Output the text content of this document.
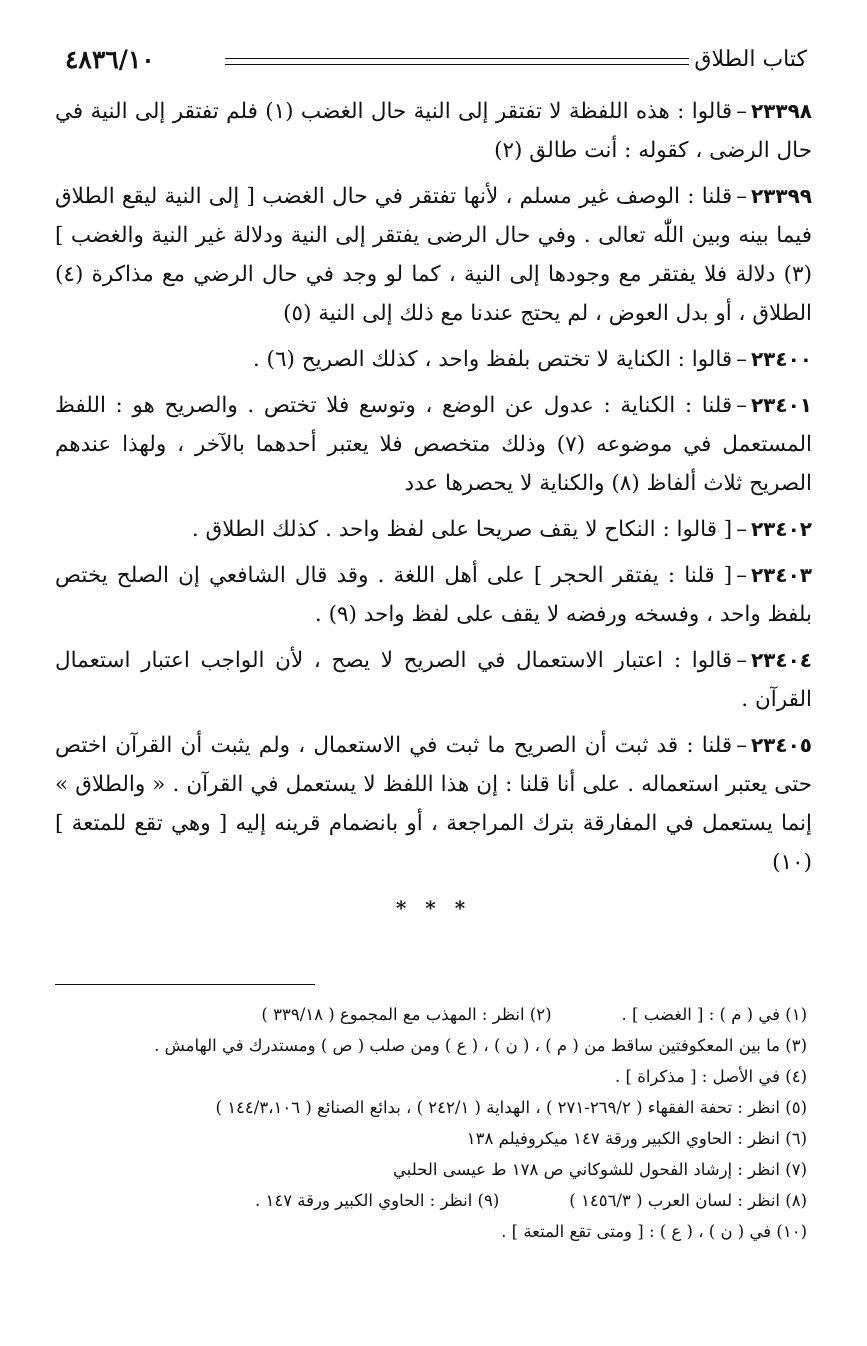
كتاب الطلاق
٤٨٣٦/١٠

٢٣٣٩٨–قالوا : هذه اللفظة لا تفتقر إلى النية حال الغضب (١) فلم تفتقر إلى النية في حال الرضى ، كقوله : أنت طالق (٢)

٢٣٣٩٩–قلنا : الوصف غير مسلم ، لأنها تفتقر في حال الغضب [ إلى النية ليقع الطلاق فيما بينه وبين اللّٰه تعالى . وفي حال الرضى يفتقر إلى النية ودلالة غير النية والغضب ] (٣) دلالة فلا يفتقر مع وجودها إلى النية ، كما لو وجد في حال الرضي مع مذاكرة (٤) الطلاق ، أو بدل العوض ، لم يحتج عندنا مع ذلك إلى النية (٥)

٢٣٤٠٠–قالوا : الكناية لا تختص بلفظ واحد ، كذلك الصريح (٦) .

٢٣٤٠١–قلنا : الكناية : عدول عن الوضع ، وتوسع فلا تختص . والصريح هو : اللفظ المستعمل في موضوعه (٧) وذلك متخصص فلا يعتبر أحدهما بالآخر ، ولهذا عندهم الصريح ثلاث ألفاظ (٨) والكناية لا يحصرها عدد

٢٣٤٠٢–[ قالوا : النكاح لا يقف صريحا على لفظ واحد . كذلك الطلاق .

٢٣٤٠٣–[ قلنا : يفتقر الحجر ] على أهل اللغة . وقد قال الشافعي إن الصلح يختص بلفظ واحد ، وفسخه ورفضه لا يقف على لفظ واحد (٩) .

٢٣٤٠٤–قالوا : اعتبار الاستعمال في الصريح لا يصح ، لأن الواجب اعتبار استعمال القرآن .

٢٣٤٠٥–قلنا : قد ثبت أن الصريح ما ثبت في الاستعمال ، ولم يثبت أن القرآن اختص حتى يعتبر استعماله . على أنا قلنا : إن هذا اللفظ لا يستعمل في القرآن . « والطلاق » إنما يستعمل في المفارقة بترك المراجعة ، أو بانضمام قرينه إليه [ وهي تقع للمتعة ] (١٠)

* * *
(١) في ( م ) : [ الغضب ] .
(٢) انظر : المهذب مع المجموع ( ٣٣٩/١٨ )
(٣) ما بين المعكوفتين ساقط من ( م ) ، ( ن ) ، ( ع ) ومن صلب ( ص ) ومستدرك في الهامش .
(٤) في الأصل : [ مذكراة ] .
(٥) انظر : تحفة الفقهاء ( ٢٦٩/٢-٢٧١ ) ، الهداية ( ٢٤٢/١ ) ، بدائع الصنائع ( ١٤٤/٣،١٠٦ )
(٦) انظر : الحاوي الكبير ورقة ١٤٧ ميكروفيلم ١٣٨
(٧) انظر : إرشاد الفحول للشوكاني ص ١٧٨ ط عيسى الحلبي
(٨) انظر : لسان العرب ( ١٤٥٦/٣ )
(٩) انظر : الحاوي الكبير ورقة ١٤٧ .
(١٠) في ( ن ) ، ( ع ) : [ ومتى تقع المتعة ] .
